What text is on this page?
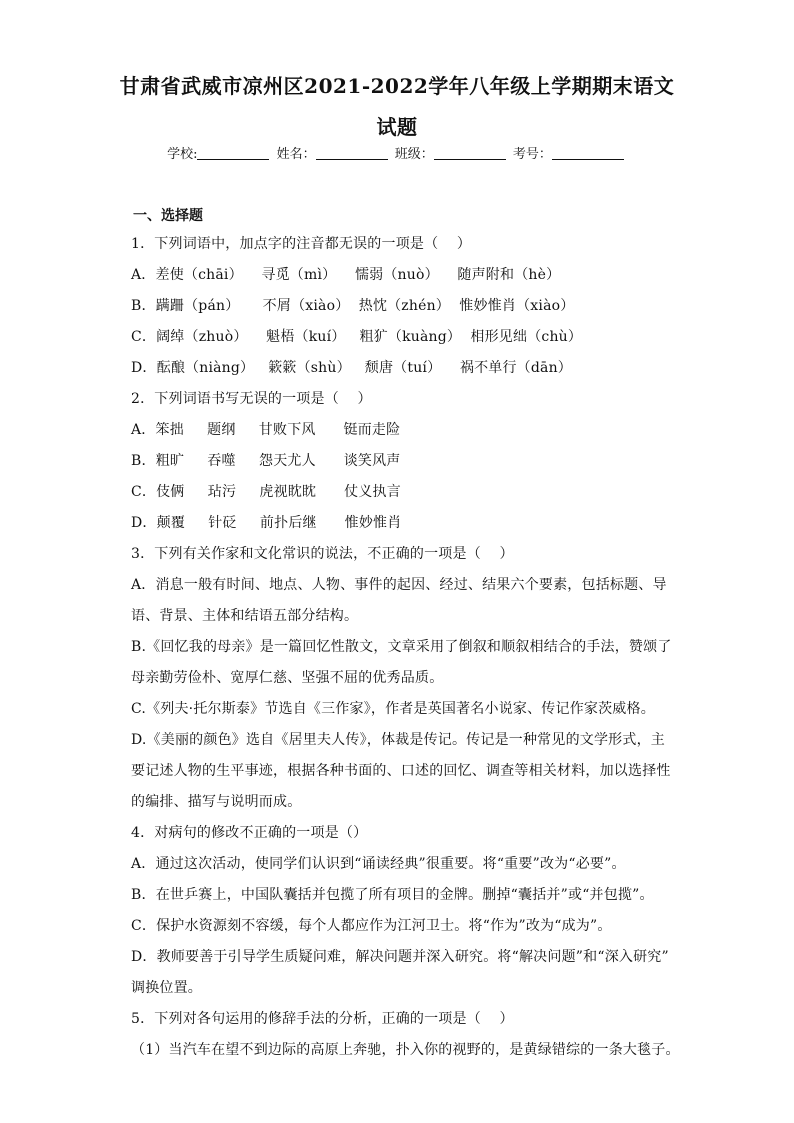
甘肃省武威市凉州区2021-2022学年八年级上学期期末语文
试题
学校:	姓名：	班级：	考号：
一、选择题
1．下列词语中，加点字的注音都无误的一项是（    ）
A．差使（chāi）    寻觅（mì）    懦弱（nuò）    随声附和（hè）
B．蹒跚（pán）     不屑（xiào）  热忱（zhén）  惟妙惟肖（xiào）
C．阔绰（zhuò）    魁梧（kuí）   粗犷（kuàng）  相形见绌（chù）
D．酝酿（niàng）   簌簌（shù）   颓唐（tuí）    祸不单行（dān）
2．下列词语书写无误的一项是（    ）
A．笨拙     题纲     甘败下风      铤而走险
B．粗旷     吞噬     怨天尤人      谈笑风声
C．伎俩     玷污     虎视眈眈      仗义执言
D．颠覆     针砭     前扑后继      惟妙惟肖
3．下列有关作家和文化常识的说法，不正确的一项是（    ）
A．消息一般有时间、地点、人物、事件的起因、经过、结果六个要素，包括标题、导
语、背景、主体和结语五部分结构。
B.《回忆我的母亲》是一篇回忆性散文，文章采用了倒叙和顺叙相结合的手法，赞颂了
母亲勤劳俭朴、宽厚仁慈、坚强不屈的优秀品质。
C.《列夫·托尔斯泰》节选自《三作家》，作者是英国著名小说家、传记作家茨威格。
D.《美丽的颜色》选自《居里夫人传》，体裁是传记。传记是一种常见的文学形式，主
要记述人物的生平事迹，根据各种书面的、口述的回忆、调查等相关材料，加以选择性
的编排、描写与说明而成。
4．对病句的修改不正确的一项是（）
A．通过这次活动，使同学们认识到“诵读经典”很重要。将“重要”改为“必要”。
B．在世乒赛上，中国队囊括并包揽了所有项目的金牌。删掉“囊括并”或“并包揽”。
C．保护水资源刻不容缓，每个人都应作为江河卫士。将“作为”改为“成为”。
D．教师要善于引导学生质疑问难，解决问题并深入研究。将“解决问题”和“深入研究”
调换位置。
5．下列对各句运用的修辞手法的分析，正确的一项是（    ）
（1）当汽车在望不到边际的高原上奔驰，扑入你的视野的，是黄绿错综的一条大毯子。
